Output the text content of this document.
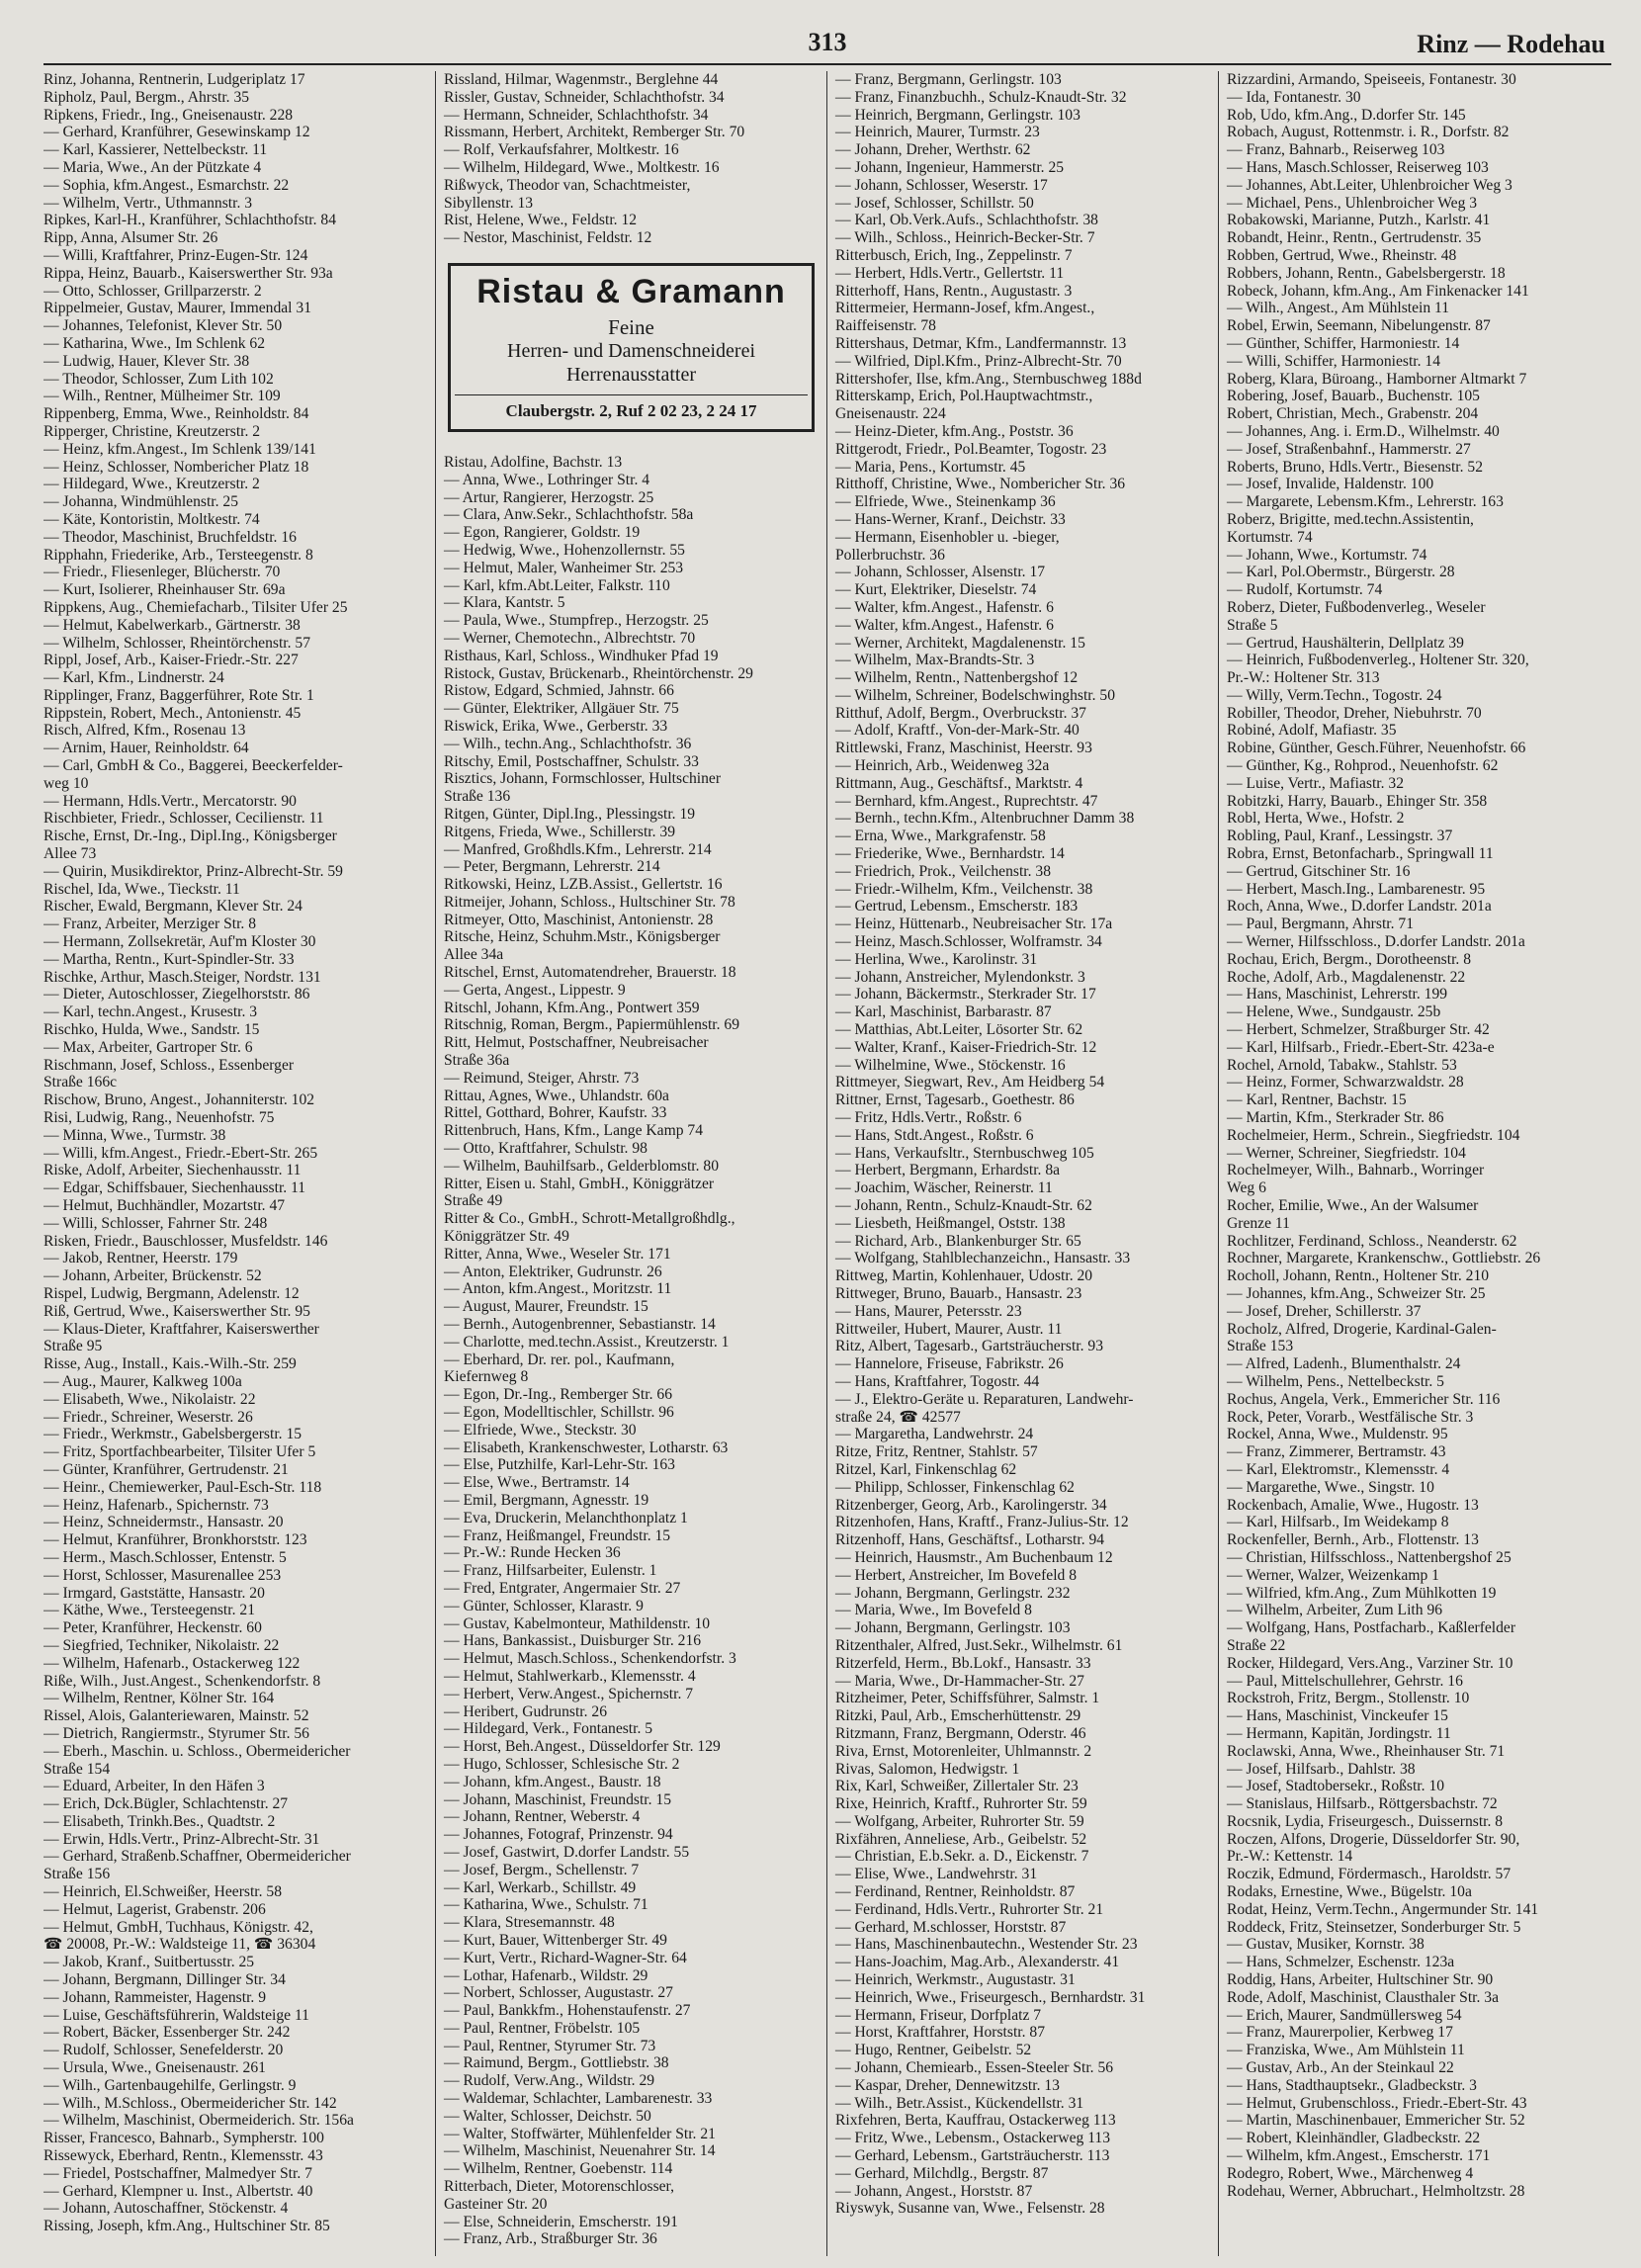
313	Rinz — Rodehau
Rinz, Johanna, Rentnerin, Ludgeriplatz 17
Ripholz, Paul, Bergm., Ahrstr. 35
Ripkens, Friedr., Ing., Gneisenaustr. 228
— Gerhard, Kranführer, Gesewinskamp 12
— Karl, Kassierer, Nettelbeckstr. 11
— Maria, Wwe., An der Pützkate 4
— Sophia, kfm.Angest., Esmarchstr. 22
— Wilhelm, Vertr., Uthmannstr. 3
Ripkes, Karl-H., Kranführer, Schlachthofstr. 84
Ripp, Anna, Alsumer Str. 26
— Willi, Kraftfahrer, Prinz-Eugen-Str. 124
Rippa, Heinz, Bauarb., Kaiserswerther Str. 93a
— Otto, Schlosser, Grillparzerstr. 2
Rippelmeier, Gustav, Maurer, Immendal 31
— Johannes, Telefonist, Klever Str. 50
— Katharina, Wwe., Im Schlenk 62
— Ludwig, Hauer, Klever Str. 38
— Theodor, Schlosser, Zum Lith 102
— Wilh., Rentner, Mülheimer Str. 109
Rippenberg, Emma, Wwe., Reinholdstr. 84
Ripperger, Christine, Kreutzerstr. 2
— Heinz, kfm.Angest., Im Schlenk 139/141
— Heinz, Schlosser, Nombericher Platz 18
— Hildegard, Wwe., Kreutzerstr. 2
— Johanna, Windmühlenstr. 25
— Käte, Kontoristin, Moltkestr. 74
— Theodor, Maschinist, Bruchfeldstr. 16
Ripphahn, Friederike, Arb., Tersteegenstr. 8
— Friedr., Fliesenleger, Blücherstr. 70
— Kurt, Isolierer, Rheinhauser Str. 69a
Rippkens, Aug., Chemiefacharb., Tilsiter Ufer 25
— Helmut, Kabelwerkarb., Gärtnerstr. 38
— Wilhelm, Schlosser, Rheintörchenstr. 57
Rippl, Josef, Arb., Kaiser-Friedr.-Str. 227
— Karl, Kfm., Lindnerstr. 24
Ripplinger, Franz, Baggerführer, Rote Str. 1
Rippstein, Robert, Mech., Antonienstr. 45
Risch, Alfred, Kfm., Rosenau 13
— Arnim, Hauer, Reinholdstr. 64
— Carl, GmbH & Co., Baggerei, Beeckerfelder-
weg 10
— Hermann, Hdls.Vertr., Mercatorstr. 90
Rischbieter, Friedr., Schlosser, Cecilienstr. 11
Rische, Ernst, Dr.-Ing., Dipl.Ing., Königsberger
Allee 73
— Quirin, Musikdirektor, Prinz-Albrecht-Str. 59
Rischel, Ida, Wwe., Tieckstr. 11
Rischer, Ewald, Bergmann, Klever Str. 24
— Franz, Arbeiter, Merziger Str. 8
— Hermann, Zollsekretär, Auf'm Kloster 30
— Martha, Rentn., Kurt-Spindler-Str. 33
Rischke, Arthur, Masch.Steiger, Nordstr. 131
— Dieter, Autoschlosser, Ziegelhorststr. 86
— Karl, techn.Angest., Krusestr. 3
Rischko, Hulda, Wwe., Sandstr. 15
— Max, Arbeiter, Gartroper Str. 6
Rischmann, Josef, Schloss., Essenberger
Straße 166c
Rischow, Bruno, Angest., Johanniterstr. 102
Risi, Ludwig, Rang., Neuenhofstr. 75
— Minna, Wwe., Turmstr. 38
— Willi, kfm.Angest., Friedr.-Ebert-Str. 265
Riske, Adolf, Arbeiter, Siechenhausstr. 11
— Edgar, Schiffsbauer, Siechenhausstr. 11
— Helmut, Buchhändler, Mozartstr. 47
— Willi, Schlosser, Fahrner Str. 248
Risken, Friedr., Bauschlosser, Musfeldstr. 146
— Jakob, Rentner, Heerstr. 179
— Johann, Arbeiter, Brückenstr. 52
Rispel, Ludwig, Bergmann, Adelenstr. 12
Riß, Gertrud, Wwe., Kaiserswerther Str. 95
— Klaus-Dieter, Kraftfahrer, Kaiserswerther
Straße 95
Risse, Aug., Install., Kais.-Wilh.-Str. 259
— Aug., Maurer, Kalkweg 100a
— Elisabeth, Wwe., Nikolaistr. 22
— Friedr., Schreiner, Weserstr. 26
— Friedr., Werkmstr., Gabelsbergerstr. 15
— Fritz, Sportfachbearbeiter, Tilsiter Ufer 5
— Günter, Kranführer, Gertrudenstr. 21
— Heinr., Chemiewerker, Paul-Esch-Str. 118
— Heinz, Hafenarb., Spichernstr. 73
— Heinz, Schneidermstr., Hansastr. 20
— Helmut, Kranführer, Bronkhorststr. 123
— Herm., Masch.Schlosser, Entenstr. 5
— Horst, Schlosser, Masurenallee 253
— Irmgard, Gaststätte, Hansastr. 20
— Käthe, Wwe., Tersteegenstr. 21
— Peter, Kranführer, Heckenstr. 60
— Siegfried, Techniker, Nikolaistr. 22
— Wilhelm, Hafenarb., Ostackerweg 122
Riße, Wilh., Just.Angest., Schenkendorfstr. 8
— Wilhelm, Rentner, Kölner Str. 164
Rissel, Alois, Galanteriewaren, Mainstr. 52
— Dietrich, Rangiermstr., Styrumer Str. 56
— Eberh., Maschin. u. Schloss., Obermeidericher
Straße 154
— Eduard, Arbeiter, In den Häfen 3
— Erich, Dck.Bügler, Schlachtenstr. 27
— Elisabeth, Trinkh.Bes., Quadtstr. 2
— Erwin, Hdls.Vertr., Prinz-Albrecht-Str. 31
— Gerhard, Straßenb.Schaffner, Obermeidericher
Straße 156
— Heinrich, El.Schweißer, Heerstr. 58
— Helmut, Lagerist, Grabenstr. 206
— Helmut, GmbH, Tuchhaus, Königstr. 42,
☎ 20008, Pr.-W.: Waldsteige 11, ☎ 36304
— Jakob, Kranf., Suitbertusstr. 25
— Johann, Bergmann, Dillinger Str. 34
— Johann, Rammeister, Hagenstr. 9
— Luise, Geschäftsführerin, Waldsteige 11
— Robert, Bäcker, Essenberger Str. 242
— Rudolf, Schlosser, Senefelderstr. 20
— Ursula, Wwe., Gneisenaustr. 261
— Wilh., Gartenbaugehilfe, Gerlingstr. 9
— Wilh., M.Schloss., Obermeidericher Str. 142
— Wilhelm, Maschinist, Obermeiderich. Str. 156a
Risser, Francesco, Bahnarb., Sympherstr. 100
Rissewyck, Eberhard, Rentn., Klemensstr. 43
— Friedel, Postschaffner, Malmedyer Str. 7
— Gerhard, Klempner u. Inst., Albertstr. 40
— Johann, Autoschaffner, Stöckenstr. 4
Rissing, Joseph, kfm.Ang., Hultschiner Str. 85
Rissland, Hilmar, Wagenmstr., Berglehne 44
Rissler, Gustav, Schneider, Schlachthofstr. 34
— Hermann, Schneider, Schlachthofstr. 34
Rissmann, Herbert, Architekt, Remberger Str. 70
— Rolf, Verkaufsfahrer, Moltkestr. 16
— Wilhelm, Hildegard, Wwe., Moltkestr. 16
Rißwyck, Theodor van, Schachtmeister,
Sibyllenstr. 13
Rist, Helene, Wwe., Feldstr. 12
— Nestor, Maschinist, Feldstr. 12
Ristau & Gramann
Feine
Herren- und Damenschneiderei
Herrenausstatter
Claubergstr. 2, Ruf 2 02 23, 2 24 17
Ristau, Adolfine, Bachstr. 13
— Anna, Wwe., Lothringer Str. 4
— Artur, Rangierer, Herzogstr. 25
— Clara, Anw.Sekr., Schlachthofstr. 58a
— Egon, Rangierer, Goldstr. 19
— Hedwig, Wwe., Hohenzollernstr. 55
— Helmut, Maler, Wanheimer Str. 253
— Karl, kfm.Abt.Leiter, Falkstr. 110
— Klara, Kantstr. 5
— Paula, Wwe., Stumpfrep., Herzogstr. 25
— Werner, Chemotechn., Albrechtstr. 70
Risthaus, Karl, Schloss., Windhuker Pfad 19
Ristock, Gustav, Brückenarb., Rheintörchenstr. 29
Ristow, Edgard, Schmied, Jahnstr. 66
— Günter, Elektriker, Allgäuer Str. 75
Riswick, Erika, Wwe., Gerberstr. 33
— Wilh., techn.Ang., Schlachthofstr. 36
Ritschy, Emil, Postschaffner, Schulstr. 33
Risztics, Johann, Formschlosser, Hultschiner
Straße 136
Ritgen, Günter, Dipl.Ing., Plessingstr. 19
Ritgens, Frieda, Wwe., Schillerstr. 39
— Manfred, Großhdls.Kfm., Lehrerstr. 214
— Peter, Bergmann, Lehrerstr. 214
Ritkowski, Heinz, LZB.Assist., Gellertstr. 16
Ritmeijer, Johann, Schloss., Hultschiner Str. 78
Ritmeyer, Otto, Maschinist, Antonienstr. 28
Ritsche, Heinz, Schuhm.Mstr., Königsberger
Allee 34a
Ritschel, Ernst, Automatendreher, Brauerstr. 18
— Gerta, Angest., Lippestr. 9
Ritschl, Johann, Kfm.Ang., Pontwert 359
Ritschnig, Roman, Bergm., Papiermühlenstr. 69
Ritt, Helmut, Postschaffner, Neubreisacher
Straße 36a
— Reimund, Steiger, Ahrstr. 73
Rittau, Agnes, Wwe., Uhlandstr. 60a
Rittel, Gotthard, Bohrer, Kaufstr. 33
Rittenbruch, Hans, Kfm., Lange Kamp 74
— Otto, Kraftfahrer, Schulstr. 98
— Wilhelm, Bauhilfsarb., Gelderblomstr. 80
Ritter, Eisen u. Stahl, GmbH., Königgrätzer
Straße 49
Ritter & Co., GmbH., Schrott-Metallgroßhdlg.,
Königgrätzer Str. 49
Ritter, Anna, Wwe., Weseler Str. 171
— Anton, Elektriker, Gudrunstr. 26
— Anton, kfm.Angest., Moritzstr. 11
— August, Maurer, Freundstr. 15
— Bernh., Autogenbrenner, Sebastianstr. 14
— Charlotte, med.techn.Assist., Kreutzerstr. 1
— Eberhard, Dr. rer. pol., Kaufmann,
Kiefernweg 8
— Egon, Dr.-Ing., Remberger Str. 66
— Egon, Modelltischler, Schillstr. 96
— Elfriede, Wwe., Steckstr. 30
— Elisabeth, Krankenschwester, Lotharstr. 63
— Else, Putzhilfe, Karl-Lehr-Str. 163
— Else, Wwe., Bertramstr. 14
— Emil, Bergmann, Agnesstr. 19
— Eva, Druckerin, Melanchthonplatz 1
— Franz, Heißmangel, Freundstr. 15
— Pr.-W.: Runde Hecken 36
— Franz, Hilfsarbeiter, Eulenstr. 1
— Fred, Entgrater, Angermaier Str. 27
— Günter, Schlosser, Klarastr. 9
— Gustav, Kabelmonteur, Mathildenstr. 10
— Hans, Bankassist., Duisburger Str. 216
— Helmut, Masch.Schloss., Schenkendorfstr. 3
— Helmut, Stahlwerkarb., Klemensstr. 4
— Herbert, Verw.Angest., Spichernstr. 7
— Heribert, Gudrunstr. 26
— Hildegard, Verk., Fontanestr. 5
— Horst, Beh.Angest., Düsseldorfer Str. 129
— Hugo, Schlosser, Schlesische Str. 2
— Johann, kfm.Angest., Baustr. 18
— Johann, Maschinist, Freundstr. 15
— Johann, Rentner, Weberstr. 4
— Johannes, Fotograf, Prinzenstr. 94
— Josef, Gastwirt, D.dorfer Landstr. 55
— Josef, Bergm., Schellenstr. 7
— Karl, Werkarb., Schillstr. 49
— Katharina, Wwe., Schulstr. 71
— Klara, Stresemannstr. 48
— Kurt, Bauer, Wittenberger Str. 49
— Kurt, Vertr., Richard-Wagner-Str. 64
— Lothar, Hafenarb., Wildstr. 29
— Norbert, Schlosser, Augustastr. 27
— Paul, Bankkfm., Hohenstaufenstr. 27
— Paul, Rentner, Fröbelstr. 105
— Paul, Rentner, Styrumer Str. 73
— Raimund, Bergm., Gottliebstr. 38
— Rudolf, Verw.Ang., Wildstr. 29
— Waldemar, Schlachter, Lambarenestr. 33
— Walter, Schlosser, Deichstr. 50
— Walter, Stoffwärter, Mühlenfelder Str. 21
— Wilhelm, Maschinist, Neuenahrer Str. 14
— Wilhelm, Rentner, Goebenstr. 114
Ritterbach, Dieter, Motorenschlosser,
Gasteiner Str. 20
— Else, Schneiderin, Emscherstr. 191
— Franz, Arb., Straßburger Str. 36
— Franz, Bergmann, Gerlingstr. 103
— Franz, Finanzbuchh., Schulz-Knaudt-Str. 32
— Heinrich, Bergmann, Gerlingstr. 103
— Heinrich, Maurer, Turmstr. 23
— Johann, Dreher, Werthstr. 62
— Johann, Ingenieur, Hammerstr. 25
— Johann, Schlosser, Weserstr. 17
— Josef, Schlosser, Schillstr. 50
— Karl, Ob.Verk.Aufs., Schlachthofstr. 38
— Wilh., Schloss., Heinrich-Becker-Str. 7
Ritterbusch, Erich, Ing., Zeppelinstr. 7
— Herbert, Hdls.Vertr., Gellertstr. 11
Ritterhoff, Hans, Rentn., Augustastr. 3
Rittermeier, Hermann-Josef, kfm.Angest.,
Raiffeisenstr. 78
Rittershaus, Detmar, Kfm., Landfermannstr. 13
— Wilfried, Dipl.Kfm., Prinz-Albrecht-Str. 70
Rittershofer, Ilse, kfm.Ang., Sternbuschweg 188d
Ritterskamp, Erich, Pol.Hauptwachtmstr.,
Gneisenaustr. 224
— Heinz-Dieter, kfm.Ang., Poststr. 36
Rittgerodt, Friedr., Pol.Beamter, Togostr. 23
— Maria, Pens., Kortumstr. 45
Ritthoff, Christine, Wwe., Nombericher Str. 36
— Elfriede, Wwe., Steinenkamp 36
— Hans-Werner, Kranf., Deichstr. 33
— Hermann, Eisenhobler u. -bieger,
Pollerbruchstr. 36
— Johann, Schlosser, Alsenstr. 17
— Kurt, Elektriker, Dieselstr. 74
— Walter, kfm.Angest., Hafenstr. 6
— Walter, kfm.Angest., Hafenstr. 6
— Werner, Architekt, Magdalenenstr. 15
— Wilhelm, Max-Brandts-Str. 3
— Wilhelm, Rentn., Nattenbergshof 12
— Wilhelm, Schreiner, Bodelschwinghstr. 50
Ritthuf, Adolf, Bergm., Overbruckstr. 37
— Adolf, Kraftf., Von-der-Mark-Str. 40
Rittlewski, Franz, Maschinist, Heerstr. 93
— Heinrich, Arb., Weidenweg 32a
Rittmann, Aug., Geschäftsf., Marktstr. 4
— Bernhard, kfm.Angest., Ruprechtstr. 47
— Bernh., techn.Kfm., Altenbruchner Damm 38
— Erna, Wwe., Markgrafenstr. 58
— Friederike, Wwe., Bernhardstr. 14
— Friedrich, Prok., Veilchenstr. 38
— Friedr.-Wilhelm, Kfm., Veilchenstr. 38
— Gertrud, Lebensm., Emscherstr. 183
— Heinz, Hüttenarb., Neubreisacher Str. 17a
— Heinz, Masch.Schlosser, Wolframstr. 34
— Herlina, Wwe., Karolinstr. 31
— Johann, Anstreicher, Mylendonkstr. 3
— Johann, Bäckermstr., Sterkrader Str. 17
— Karl, Maschinist, Barbarastr. 87
— Matthias, Abt.Leiter, Lösorter Str. 62
— Walter, Kranf., Kaiser-Friedrich-Str. 12
— Wilhelmine, Wwe., Stöckenstr. 16
Rittmeyer, Siegwart, Rev., Am Heidberg 54
Rittner, Ernst, Tagesarb., Goethestr. 86
— Fritz, Hdls.Vertr., Roßstr. 6
— Hans, Stdt.Angest., Roßstr. 6
— Hans, Verkaufsltr., Sternbuschweg 105
— Herbert, Bergmann, Erhardstr. 8a
— Joachim, Wäscher, Reinerstr. 11
— Johann, Rentn., Schulz-Knaudt-Str. 62
— Liesbeth, Heißmangel, Oststr. 138
— Richard, Arb., Blankenburger Str. 65
— Wolfgang, Stahlblechanzeichn., Hansastr. 33
Rittweg, Martin, Kohlenhauer, Udostr. 20
Rittweger, Bruno, Bauarb., Hansastr. 23
— Hans, Maurer, Petersstr. 23
Rittweiler, Hubert, Maurer, Austr. 11
Ritz, Albert, Tagesarb., Gartsträucherstr. 93
— Hannelore, Friseuse, Fabrikstr. 26
— Hans, Kraftfahrer, Togostr. 44
— J., Elektro-Geräte u. Reparaturen, Landwehr-
straße 24, ☎ 42577
— Margaretha, Landwehrstr. 24
Ritze, Fritz, Rentner, Stahlstr. 57
Ritzel, Karl, Finkenschlag 62
— Philipp, Schlosser, Finkenschlag 62
Ritzenberger, Georg, Arb., Karolingerstr. 34
Ritzenhofen, Hans, Kraftf., Franz-Julius-Str. 12
Ritzenhoff, Hans, Geschäftsf., Lotharstr. 94
— Heinrich, Hausmstr., Am Buchenbaum 12
— Herbert, Anstreicher, Im Bovefeld 8
— Johann, Bergmann, Gerlingstr. 232
— Maria, Wwe., Im Bovefeld 8
— Johann, Bergmann, Gerlingstr. 103
Ritzenthaler, Alfred, Just.Sekr., Wilhelmstr. 61
Ritzerfeld, Herm., Bb.Lokf., Hansastr. 33
— Maria, Wwe., Dr-Hammacher-Str. 27
Ritzheimer, Peter, Schiffsführer, Salmstr. 1
Ritzki, Paul, Arb., Emscherhüttenstr. 29
Ritzmann, Franz, Bergmann, Oderstr. 46
Riva, Ernst, Motorenleiter, Uhlmannstr. 2
Rivas, Salomon, Hedwigstr. 1
Rix, Karl, Schweißer, Zillertaler Str. 23
Rixe, Heinrich, Kraftf., Ruhrorter Str. 59
— Wolfgang, Arbeiter, Ruhrorter Str. 59
Rixfähren, Anneliese, Arb., Geibelstr. 52
— Christian, E.b.Sekr. a. D., Eickenstr. 7
— Elise, Wwe., Landwehrstr. 31
— Ferdinand, Rentner, Reinholdstr. 87
— Ferdinand, Hdls.Vertr., Ruhrorter Str. 21
— Gerhard, M.schlosser, Horststr. 87
— Hans, Maschinenbautechn., Westender Str. 23
— Hans-Joachim, Mag.Arb., Alexanderstr. 41
— Heinrich, Werkmstr., Augustastr. 31
— Heinrich, Wwe., Friseurgesch., Bernhardstr. 31
— Hermann, Friseur, Dorfplatz 7
— Horst, Kraftfahrer, Horststr. 87
— Hugo, Rentner, Geibelstr. 52
— Johann, Chemiearb., Essen-Steeler Str. 56
— Kaspar, Dreher, Dennewitzstr. 13
— Wilh., Betr.Assist., Kückendellstr. 31
Rixfehren, Berta, Kauffrau, Ostackerweg 113
— Fritz, Wwe., Lebensm., Ostackerweg 113
— Gerhard, Lebensm., Gartsträucherstr. 113
— Gerhard, Milchdlg., Bergstr. 87
— Johann, Angest., Horststr. 87
Riyswyk, Susanne van, Wwe., Felsenstr. 28
Rizzardini, Armando, Speiseeis, Fontanestr. 30
— Ida, Fontanestr. 30
Rob, Udo, kfm.Ang., D.dorfer Str. 145
Robach, August, Rottenmstr. i. R., Dorfstr. 82
— Franz, Bahnarb., Reiserweg 103
— Hans, Masch.Schlosser, Reiserweg 103
— Johannes, Abt.Leiter, Uhlenbroicher Weg 3
— Michael, Pens., Uhlenbroicher Weg 3
Robakowski, Marianne, Putzh., Karlstr. 41
Robandt, Heinr., Rentn., Gertrudenstr. 35
Robben, Gertrud, Wwe., Rheinstr. 48
Robbers, Johann, Rentn., Gabelsbergerstr. 18
Robeck, Johann, kfm.Ang., Am Finkenacker 141
— Wilh., Angest., Am Mühlstein 11
Robel, Erwin, Seemann, Nibelungenstr. 87
— Günther, Schiffer, Harmoniestr. 14
— Willi, Schiffer, Harmoniestr. 14
Roberg, Klara, Büroang., Hamborner Altmarkt 7
Robering, Josef, Bauarb., Buchenstr. 105
Robert, Christian, Mech., Grabenstr. 204
— Johannes, Ang. i. Erm.D., Wilhelmstr. 40
— Josef, Straßenbahnf., Hammerstr. 27
Roberts, Bruno, Hdls.Vertr., Biesenstr. 52
— Josef, Invalide, Haldenstr. 100
— Margarete, Lebensm.Kfm., Lehrerstr. 163
Roberz, Brigitte, med.techn.Assistentin,
Kortumstr. 74
— Johann, Wwe., Kortumstr. 74
— Karl, Pol.Obermstr., Bürgerstr. 28
— Rudolf, Kortumstr. 74
Roberz, Dieter, Fußbodenverleg., Weseler
Straße 5
— Gertrud, Haushälterin, Dellplatz 39
— Heinrich, Fußbodenverleg., Holtener Str. 320,
Pr.-W.: Holtener Str. 313
— Willy, Verm.Techn., Togostr. 24
Robiller, Theodor, Dreher, Niebuhrstr. 70
Robiné, Adolf, Mafiastr. 35
Robine, Günther, Gesch.Führer, Neuenhofstr. 66
— Günther, Kg., Rohprod., Neuenhofstr. 62
— Luise, Vertr., Mafiastr. 32
Robitzki, Harry, Bauarb., Ehinger Str. 358
Robl, Herta, Wwe., Hofstr. 2
Robling, Paul, Kranf., Lessingstr. 37
Robra, Ernst, Betonfacharb., Springwall 11
— Gertrud, Gitschiner Str. 16
— Herbert, Masch.Ing., Lambarenestr. 95
Roch, Anna, Wwe., D.dorfer Landstr. 201a
— Paul, Bergmann, Ahrstr. 71
— Werner, Hilfsschloss., D.dorfer Landstr. 201a
Rochau, Erich, Bergm., Dorotheenstr. 8
Roche, Adolf, Arb., Magdalenenstr. 22
— Hans, Maschinist, Lehrerstr. 199
— Helene, Wwe., Sundgaustr. 25b
— Herbert, Schmelzer, Straßburger Str. 42
— Karl, Hilfsarb., Friedr.-Ebert-Str. 423a-e
Rochel, Arnold, Tabakw., Stahlstr. 53
— Heinz, Former, Schwarzwaldstr. 28
— Karl, Rentner, Bachstr. 15
— Martin, Kfm., Sterkrader Str. 86
Rochelmeier, Herm., Schrein., Siegfriedstr. 104
— Werner, Schreiner, Siegfriedstr. 104
Rochelmeyer, Wilh., Bahnarb., Worringer
Weg 6
Rocher, Emilie, Wwe., An der Walsumer
Grenze 11
Rochlitzer, Ferdinand, Schloss., Neanderstr. 62
Rochner, Margarete, Krankenschw., Gottliebstr. 26
Rocholl, Johann, Rentn., Holtener Str. 210
— Johannes, kfm.Ang., Schweizer Str. 25
— Josef, Dreher, Schillerstr. 37
Rocholz, Alfred, Drogerie, Kardinal-Galen-
Straße 153
— Alfred, Ladenh., Blumenthalstr. 24
— Wilhelm, Pens., Nettelbeckstr. 5
Rochus, Angela, Verk., Emmericher Str. 116
Rock, Peter, Vorarb., Westfälische Str. 3
Rockel, Anna, Wwe., Muldenstr. 95
— Franz, Zimmerer, Bertramstr. 43
— Karl, Elektromstr., Klemensstr. 4
— Margarethe, Wwe., Singstr. 10
Rockenbach, Amalie, Wwe., Hugostr. 13
— Karl, Hilfsarb., Im Weidekamp 8
Rockenfeller, Bernh., Arb., Flottenstr. 13
— Christian, Hilfsschloss., Nattenbergshof 25
— Werner, Walzer, Weizenkamp 1
— Wilfried, kfm.Ang., Zum Mühlkotten 19
— Wilhelm, Arbeiter, Zum Lith 96
— Wolfgang, Hans, Postfacharb., Kaßlerfelder
Straße 22
Rocker, Hildegard, Vers.Ang., Varziner Str. 10
— Paul, Mittelschullehrer, Gehrstr. 16
Rockstroh, Fritz, Bergm., Stollenstr. 10
— Hans, Maschinist, Vinckeufer 15
— Hermann, Kapitän, Jordingstr. 11
Roclawski, Anna, Wwe., Rheinhauser Str. 71
— Josef, Hilfsarb., Dahlstr. 38
— Josef, Stadtobersekr., Roßstr. 10
— Stanislaus, Hilfsarb., Röttgersbachstr. 72
Rocsnik, Lydia, Friseurgesch., Duissernstr. 8
Roczen, Alfons, Drogerie, Düsseldorfer Str. 90,
Pr.-W.: Kettenstr. 14
Roczik, Edmund, Fördermasch., Haroldstr. 57
Rodaks, Ernestine, Wwe., Bügelstr. 10a
Rodat, Heinz, Verm.Techn., Angermunder Str. 141
Roddeck, Fritz, Steinsetzer, Sonderburger Str. 5
— Gustav, Musiker, Kornstr. 38
— Hans, Schmelzer, Eschenstr. 123a
Roddig, Hans, Arbeiter, Hultschiner Str. 90
Rode, Adolf, Maschinist, Clausthaler Str. 3a
— Erich, Maurer, Sandmüllersweg 54
— Franz, Maurerpolier, Kerbweg 17
— Franziska, Wwe., Am Mühlstein 11
— Gustav, Arb., An der Steinkaul 22
— Hans, Stadthauptsekr., Gladbeckstr. 3
— Helmut, Grubenschloss., Friedr.-Ebert-Str. 43
— Martin, Maschinenbauer, Emmericher Str. 52
— Robert, Kleinhändler, Gladbeckstr. 22
— Wilhelm, kfm.Angest., Emscherstr. 171
Rodegro, Robert, Wwe., Märchenweg 4
Rodehau, Werner, Abbruchart., Helmholtzstr. 28
